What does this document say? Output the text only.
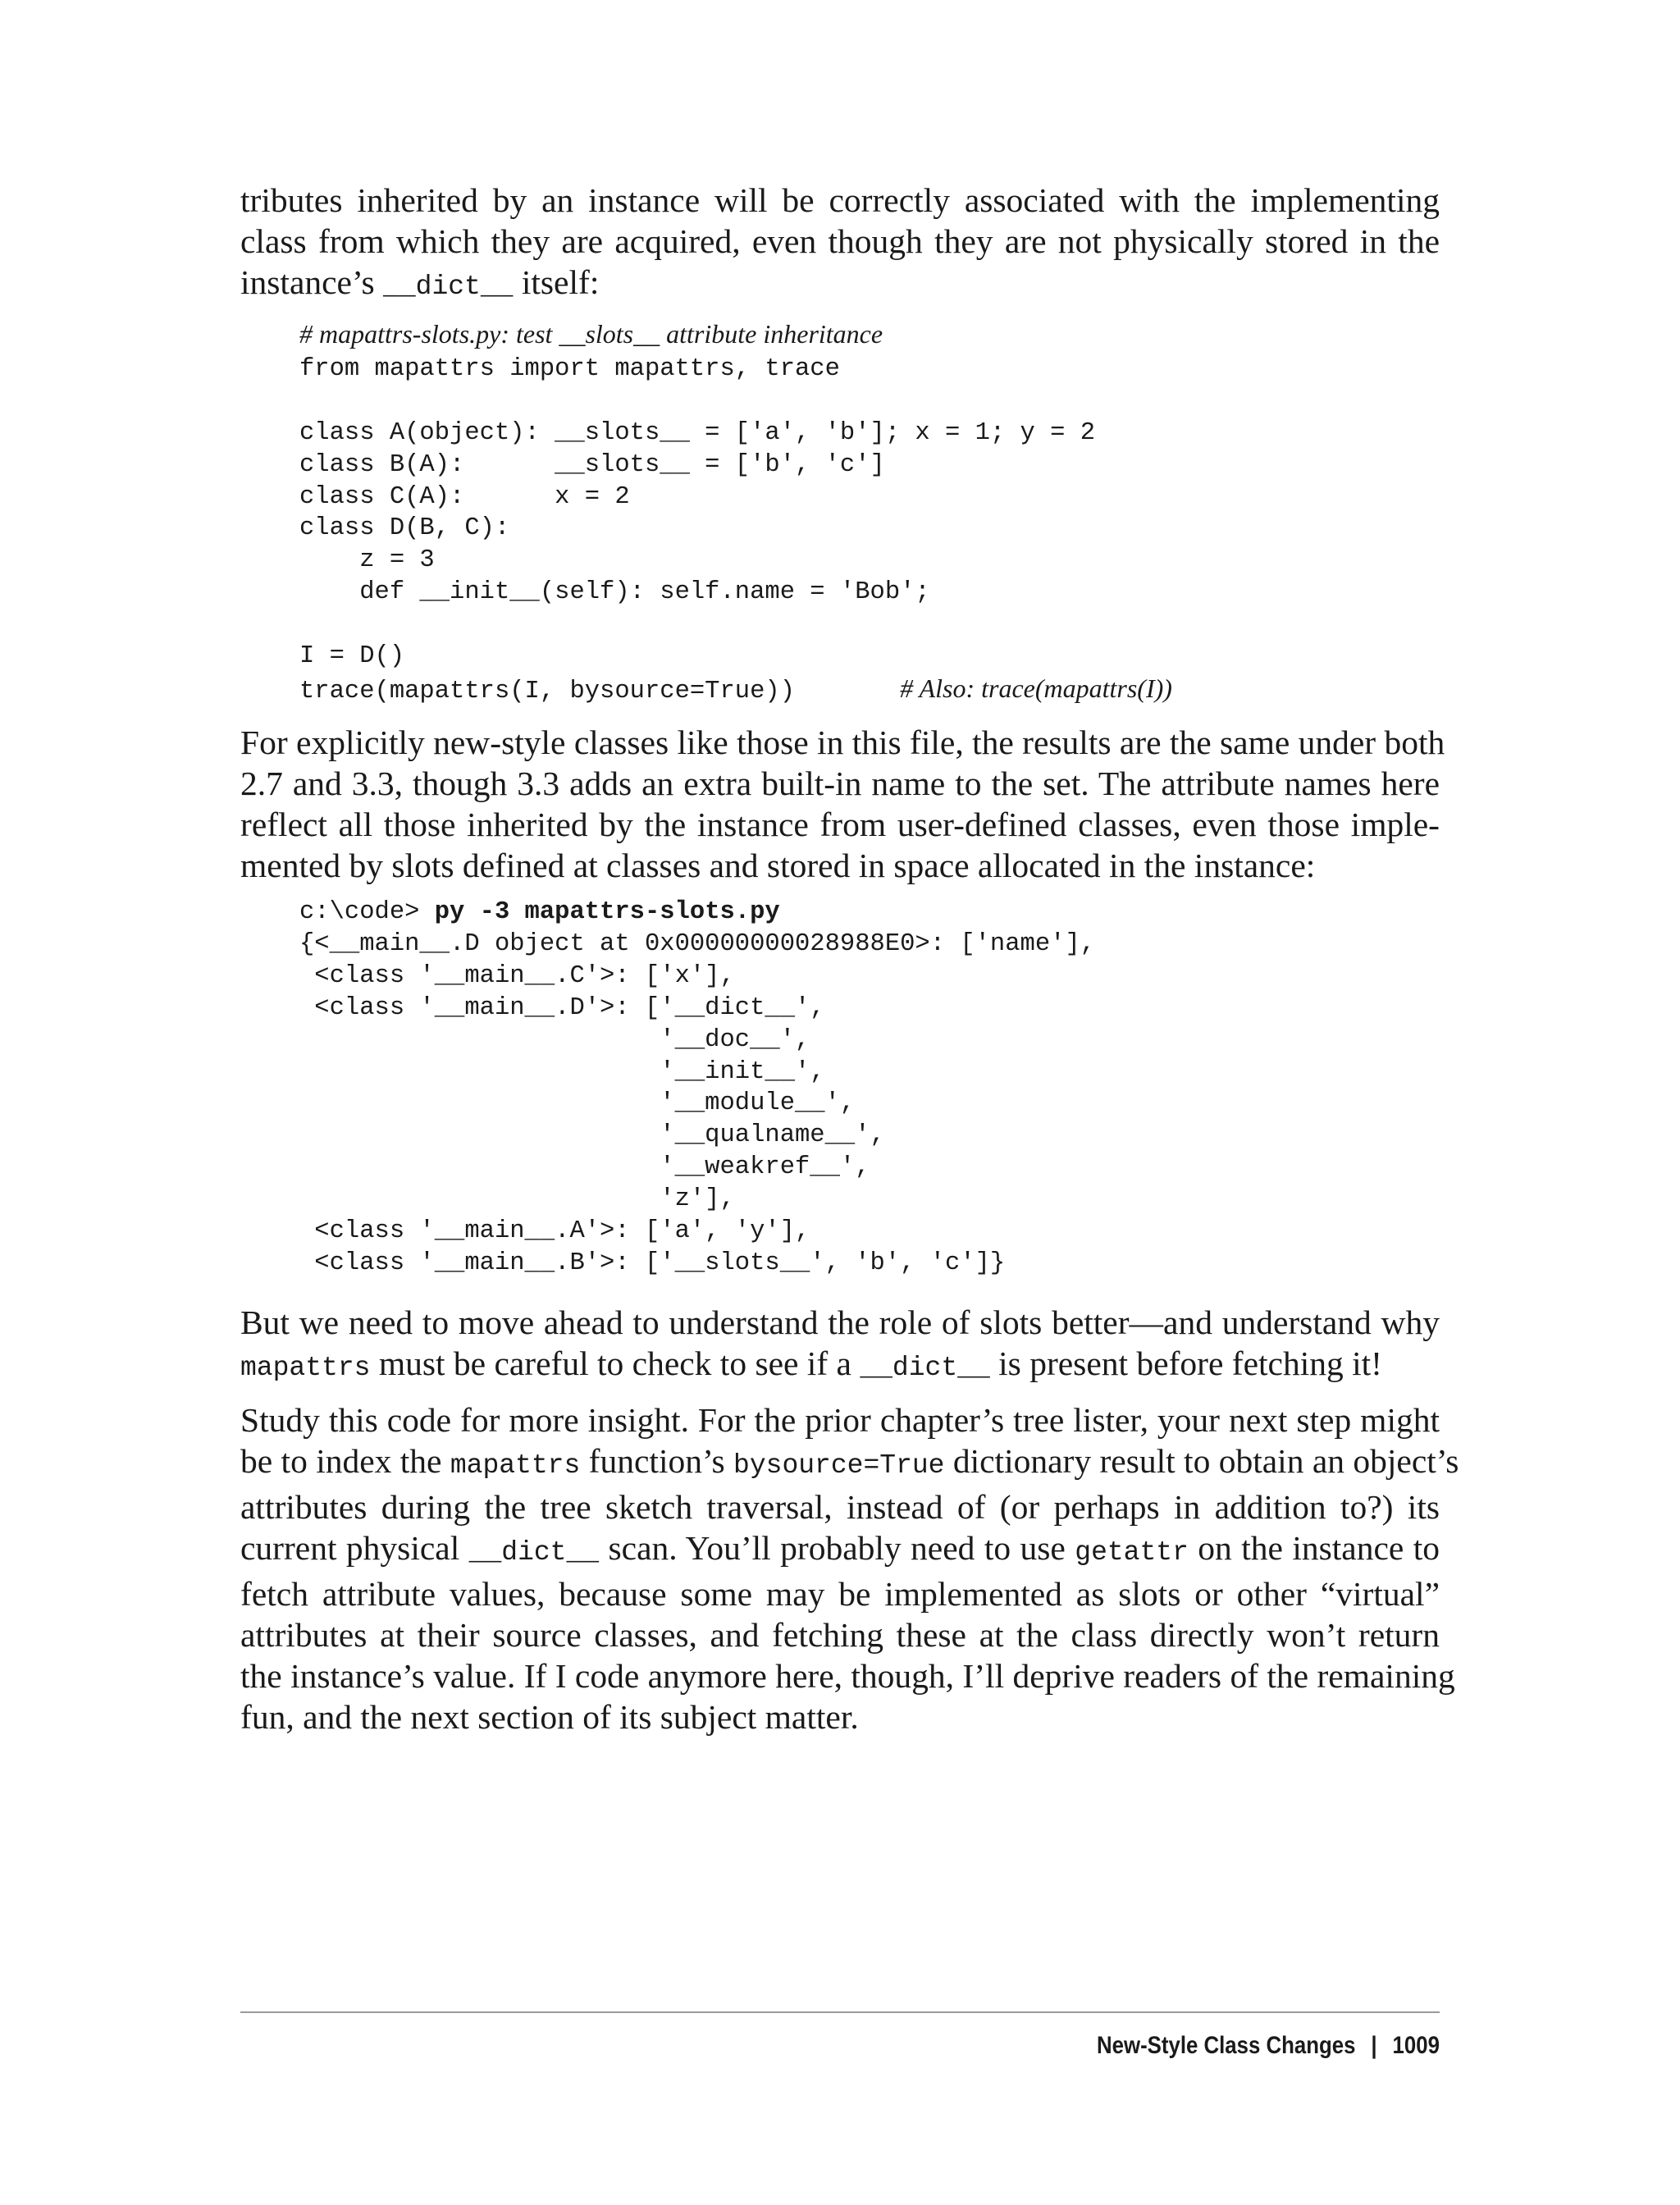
tributes inherited by an instance will be correctly associated with the implementing
class from which they are acquired, even though they are not physically stored in the
instance’s __dict__ itself:
# mapattrs-slots.py: test __slots__ attribute inheritance
from mapattrs import mapattrs, trace

class A(object): __slots__ = ['a', 'b']; x = 1; y = 2
class B(A):      __slots__ = ['b', 'c']
class C(A):      x = 2
class D(B, C):
z = 3
def __init__(self): self.name = 'Bob';

I = D()
trace(mapattrs(I, bysource=True))       # Also: trace(mapattrs(I))
For explicitly new-style classes like those in this file, the results are the same under both
2.7 and 3.3, though 3.3 adds an extra built-in name to the set. The attribute names here
reflect all those inherited by the instance from user-defined classes, even those imple-
mented by slots defined at classes and stored in space allocated in the instance:
c:\code> py -3 mapattrs-slots.py
{<__main__.D object at 0x00000000028988E0>: ['name'],
<class '__main__.C'>: ['x'],
<class '__main__.D'>: ['__dict__',
'__doc__',
'__init__',
'__module__',
'__qualname__',
'__weakref__',
'z'],
<class '__main__.A'>: ['a', 'y'],
<class '__main__.B'>: ['__slots__', 'b', 'c']}
But we need to move ahead to understand the role of slots better—and understand why
mapattrs must be careful to check to see if a __dict__ is present before fetching it!
Study this code for more insight. For the prior chapter’s tree lister, your next step might
be to index the mapattrs function’s bysource=True dictionary result to obtain an object’s
attributes during the tree sketch traversal, instead of (or perhaps in addition to?) its
current physical __dict__ scan. You’ll probably need to use getattr on the instance to
fetch attribute values, because some may be implemented as slots or other “virtual”
attributes at their source classes, and fetching these at the class directly won’t return
the instance’s value. If I code anymore here, though, I’ll deprive readers of the remaining
fun, and the next section of its subject matter.
New-Style Class Changes | 1009
